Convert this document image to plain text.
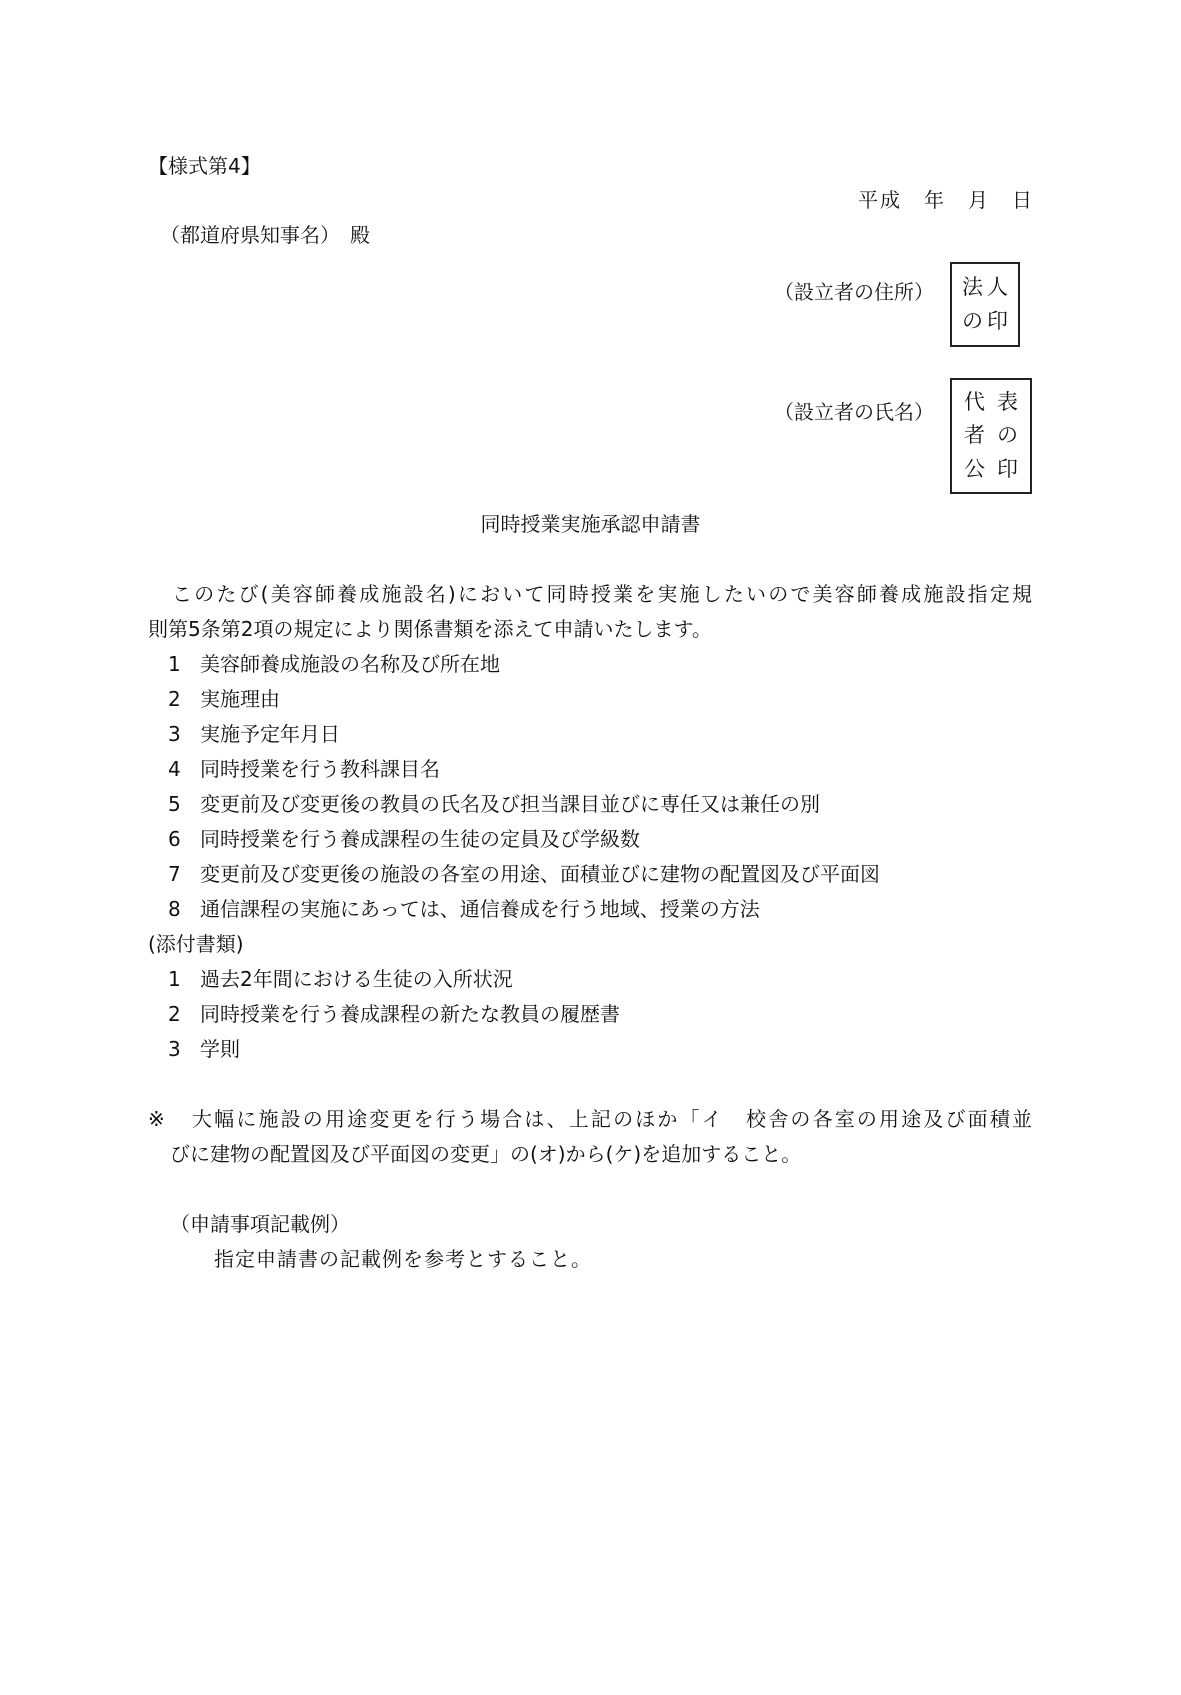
【様式第4】
平成　年　月　日
（都道府県知事名）　殿
（設立者の住所） 法 人
の 印
（設立者の氏名） 代 表
者 の
公 印
同時授業実施承認申請書
このたび(美容師養成施設名)において同時授業を実施したいので美容師養成施設指定規
則第5条第2項の規定により関係書類を添えて申請いたします。
1 美容師養成施設の名称及び所在地
2 実施理由
3 実施予定年月日
4 同時授業を行う教科課目名
5 変更前及び変更後の教員の氏名及び担当課目並びに専任又は兼任の別
6 同時授業を行う養成課程の生徒の定員及び学級数
7 変更前及び変更後の施設の各室の用途、面積並びに建物の配置図及び平面図
8 通信課程の実施にあっては、通信養成を行う地域、授業の方法
(添付書類)
1 過去2年間における生徒の入所状況
2 同時授業を行う養成課程の新たな教員の履歴書
3 学則
※ 大幅に施設の用途変更を行う場合は、上記のほか「イ　校舎の各室の用途及び面積並
びに建物の配置図及び平面図の変更」の(オ)から(ケ)を追加すること。
（申請事項記載例）
指定申請書の記載例を参考とすること。
